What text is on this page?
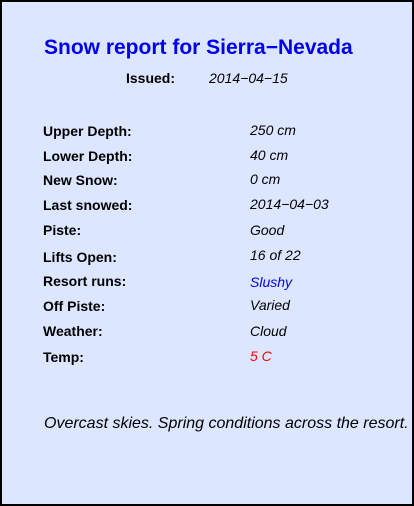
Snow report for Sierra−Nevada
Issued: 2014−04−15
Upper Depth:	250 cm
Lower Depth:	40 cm
New Snow:	0 cm
Last snowed:	2014−04−03
Piste:	Good
Lifts Open:	16 of 22
Resort runs:	Slushy
Off Piste:	Varied
Weather:	Cloud
Temp:	5 C
Overcast skies. Spring conditions across the resort.
